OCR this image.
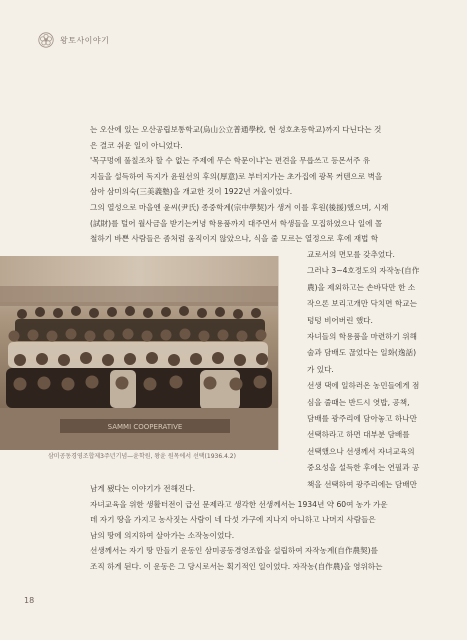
왕토사이야기
는 오산에 있는 오산공립보통학교(烏山公立普通學校, 현 성호초등학교)까지 다닌다는 것
은 결코 쉬운 일이 아니었다.
'목구멍에 풀칠조차 할 수 없는 주제에 무슨 학문이냐'는 편견을 무릅쓰고 등몬서주 유
지들을 설득하여 독지가 윤원선의 후의(厚意)로 부터지가는 초가집에 광목 커텐으로 벽을
삼아 삼미의숙(三美義塾)을 개교한 것이 1922년 겨울이었다.
그의 열성으로 마을엔 윤씨(尹氏) 종중학계(宗中學契)가 생겨 이를 후원(後援)했으며, 시재
(試財)를 털어 월사금을 받기는커녕 학용품까지 대주면서 학생들을 모집하였으나 일에 몰
철하기 바쁜 사람들은 좀처럼 움직이지 않았으나, 식을 줄 모르는 열정으로 후에 재법 학
SAMMI COOPERATIVE
교로서의 면모를 갖추었다.
그러나 3~4호정도의 자작농(自作
農)을 제외하고는 손바닥만 한 소
작으론 보리고개만 닥치면 학교는
텅텅 비어버린 했다.
자녀들의 학용품을 마련하기 위해
술과 담배도 끊었다는 일화(逸話)
가 있다.
선생 댁에 일하러온 농민들에게 점
심을 줄때는 반드시 엿밥, 공책,
담배를 광주리에 담아놓고 하나만
선택하라고 하면 대부분 담배를
선택했으나 선생께서 자녀교육의
중요성을 설득한 후에는 연필과 공
책을 선택하여 광주리에는 담배만
삼미공동경영조합제3주년기념—윤학원, 왕윤 원목에서 선택(1936.4.2)
남게 됐다는 이야기가 전해진다.
자녀교육을 위한 생활터전이 급선 문제라고 생각한 선생께서는 1934년 약 60여 농가 가운
데 자기 땅을 가지고 농사짓는 사람이 네 다섯 가구에 지나지 아니하고 나머지 사람들은
남의 땅에 의지하여 살아가는 소작농이었다.
선생께서는 자기 땅 만들기 운동인 삼미공동경영조합을 설립하여 자작농계(自作農契)를
조직 하게 된다. 이 운동은 그 당시로서는 획기적인 일이었다. 자작농(自作農)을 영위하는
18
